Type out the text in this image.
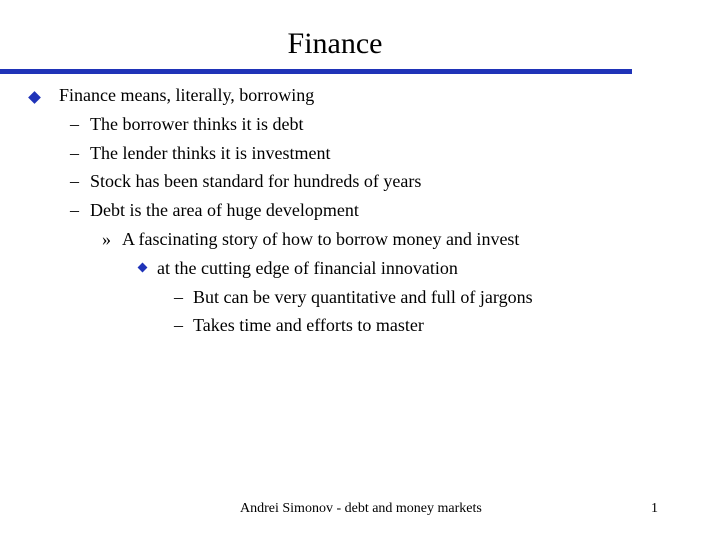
Finance
Finance means, literally, borrowing
– The borrower thinks it is debt
– The lender thinks it is investment
– Stock has been standard for hundreds of years
– Debt is the area of huge development
» A fascinating story of how to borrow money and invest
at the cutting edge of financial innovation
– But can be very quantitative and full of jargons
– Takes time and efforts to master
Andrei Simonov - debt and money markets	1
